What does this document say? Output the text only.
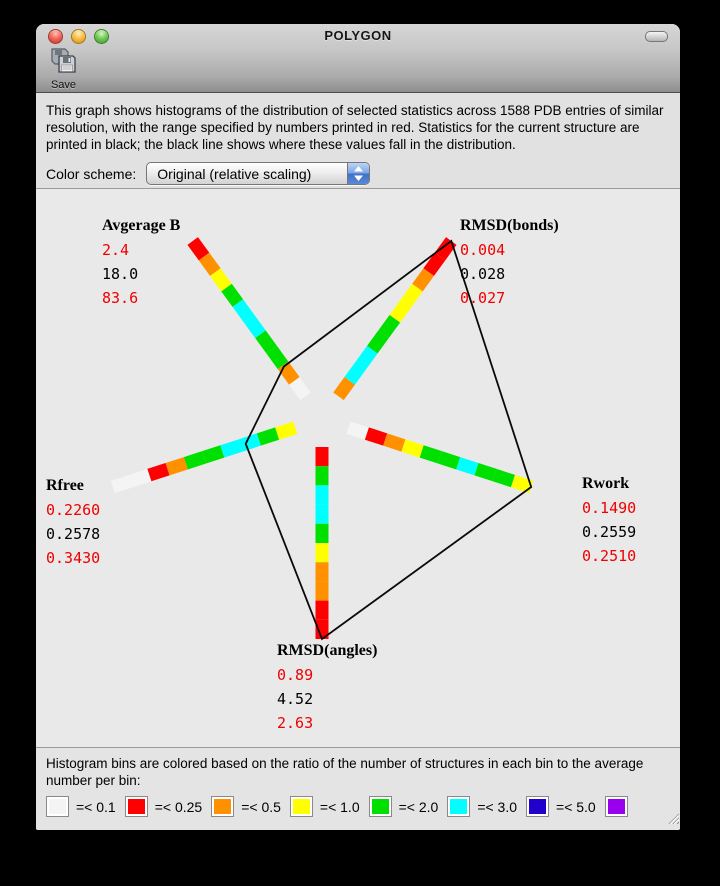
POLYGON
Save

This graph shows histograms of the distribution of selected statistics across 1588 PDB entries of similar resolution, with the range specified by numbers printed in red. Statistics for the current structure are printed in black; the black line shows where these values fall in the distribution.

Color scheme:	Original (relative scaling)
Avgerage B
2.4
18.0
83.6
RMSD(bonds)
0.004
0.028
0.027
Rwork
0.1490
0.2559
0.2510
RMSD(angles)
0.89
4.52
2.63
Rfree
0.2260
0.2578
0.3430

Histogram bins are colored based on the ratio of the number of structures in each bin to the average number per bin:

=< 0.1	=< 0.25	=< 0.5	=< 1.0	=< 2.0	=< 3.0	=< 5.0
